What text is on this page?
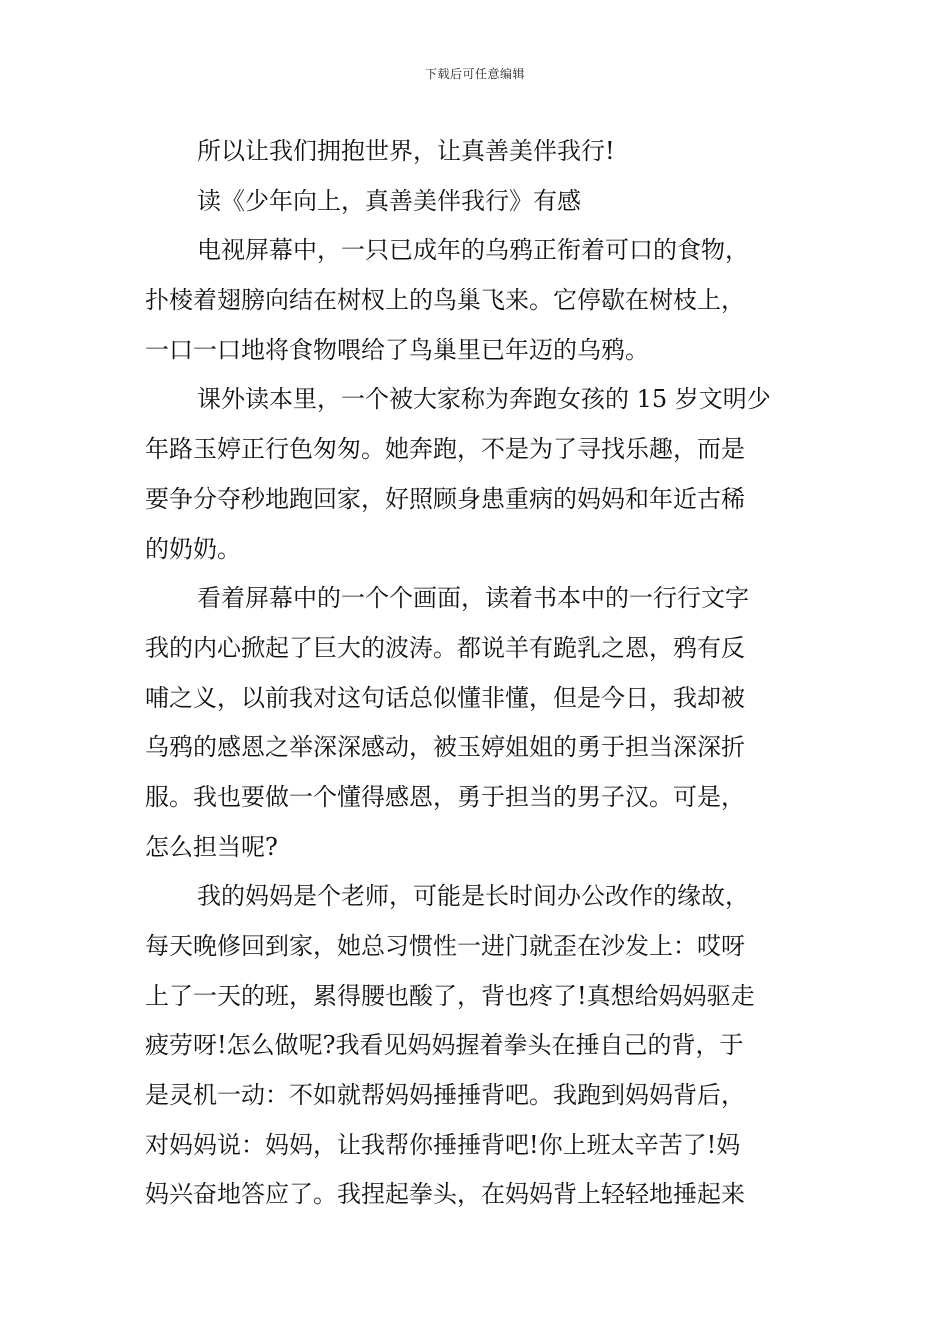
下载后可任意编辑
所以让我们拥抱世界，让真善美伴我行!
读《少年向上，真善美伴我行》有感
电视屏幕中，一只已成年的乌鸦正衔着可口的食物，
扑棱着翅膀向结在树杈上的鸟巢飞来。它停歇在树枝上，
一口一口地将食物喂给了鸟巢里已年迈的乌鸦。
课外读本里，一个被大家称为奔跑女孩的 15 岁文明少
年路玉婷正行色匆匆。她奔跑，不是为了寻找乐趣，而是
要争分夺秒地跑回家，好照顾身患重病的妈妈和年近古稀
的奶奶。
看着屏幕中的一个个画面，读着书本中的一行行文字
我的内心掀起了巨大的波涛。都说羊有跪乳之恩，鸦有反
哺之义，以前我对这句话总似懂非懂，但是今日，我却被
乌鸦的感恩之举深深感动，被玉婷姐姐的勇于担当深深折
服。我也要做一个懂得感恩，勇于担当的男子汉。可是，
怎么担当呢?
我的妈妈是个老师，可能是长时间办公改作的缘故，
每天晚修回到家，她总习惯性一进门就歪在沙发上：哎呀
上了一天的班，累得腰也酸了，背也疼了!真想给妈妈驱走
疲劳呀!怎么做呢?我看见妈妈握着拳头在捶自己的背，于
是灵机一动：不如就帮妈妈捶捶背吧。我跑到妈妈背后，
对妈妈说：妈妈，让我帮你捶捶背吧!你上班太辛苦了!妈
妈兴奋地答应了。我捏起拳头，在妈妈背上轻轻地捶起来
